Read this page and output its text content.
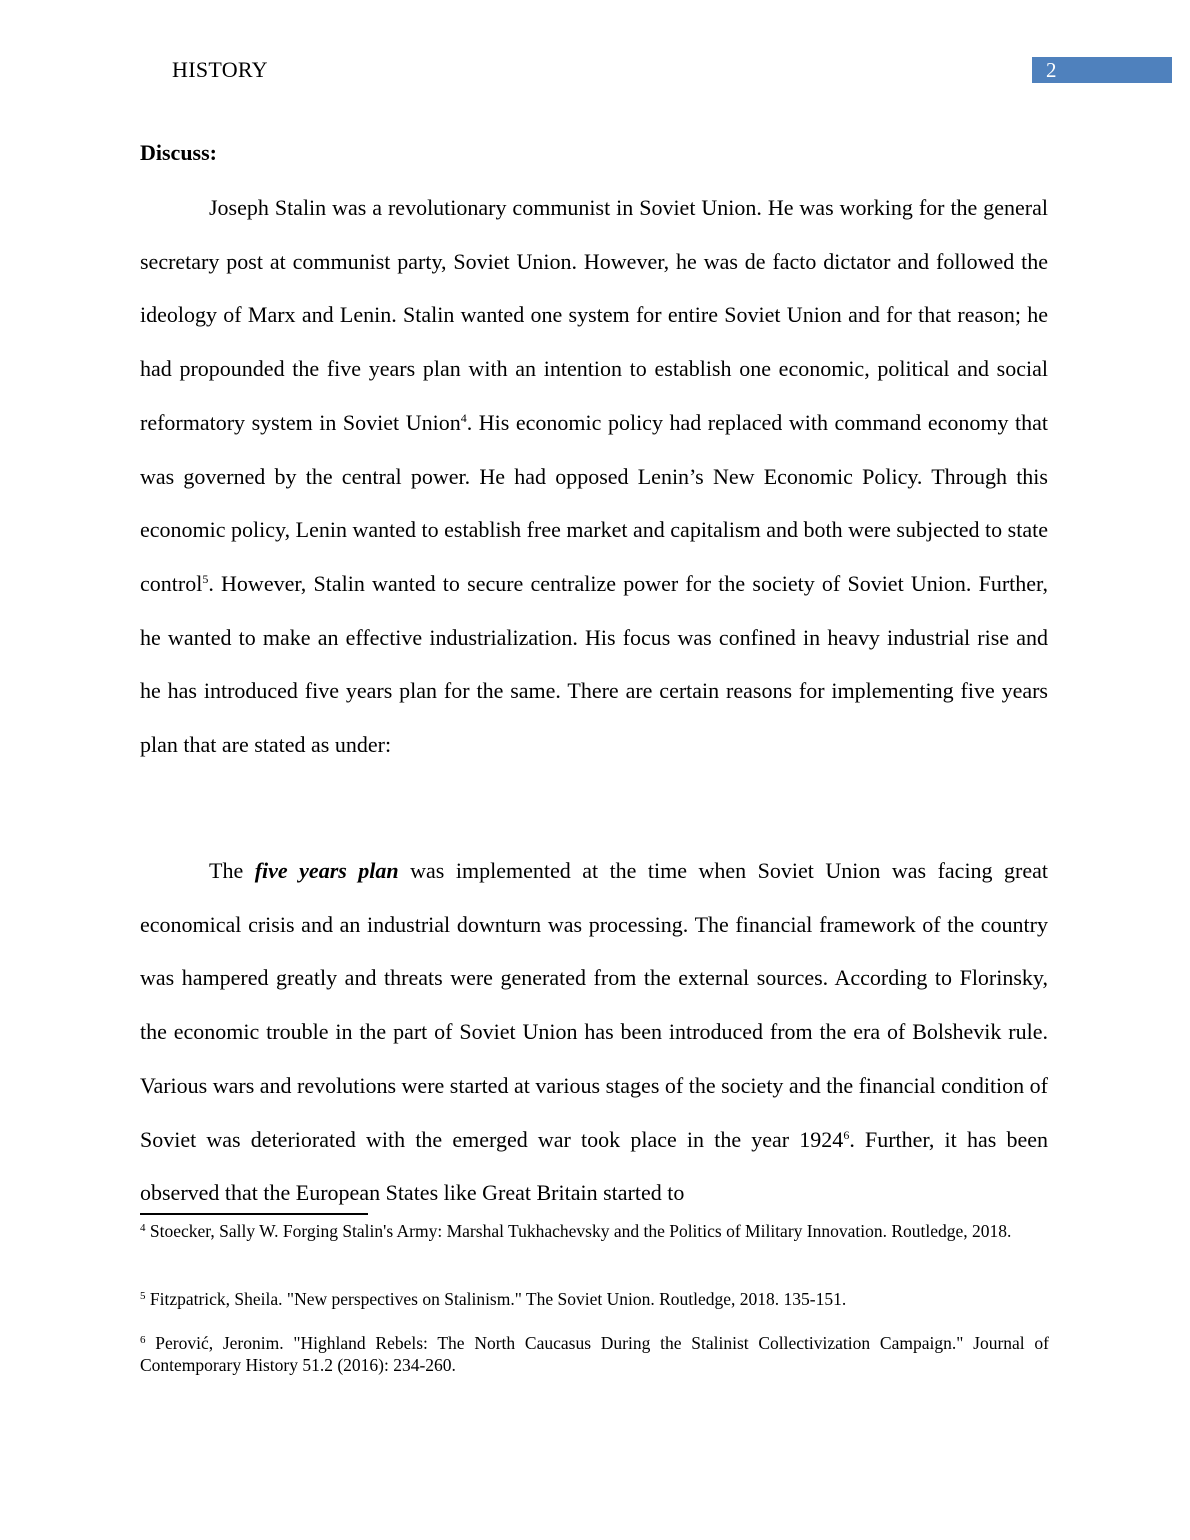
HISTORY	2
Discuss:

Joseph Stalin was a revolutionary communist in Soviet Union. He was working for the general secretary post at communist party, Soviet Union. However, he was de facto dictator and followed the ideology of Marx and Lenin. Stalin wanted one system for entire Soviet Union and for that reason; he had propounded the five years plan with an intention to establish one economic, political and social reformatory system in Soviet Union$^4$. His economic policy had replaced with command economy that was governed by the central power. He had opposed Lenin’s New Economic Policy. Through this economic policy, Lenin wanted to establish free market and capitalism and both were subjected to state control$^5$. However, Stalin wanted to secure centralize power for the society of Soviet Union. Further, he wanted to make an effective industrialization. His focus was confined in heavy industrial rise and he has introduced five years plan for the same. There are certain reasons for implementing five years plan that are stated as under:

The five years plan was implemented at the time when Soviet Union was facing great economical crisis and an industrial downturn was processing. The financial framework of the country was hampered greatly and threats were generated from the external sources. According to Florinsky, the economic trouble in the part of Soviet Union has been introduced from the era of Bolshevik rule. Various wars and revolutions were started at various stages of the society and the financial condition of Soviet was deteriorated with the emerged war took place in the year 1924$^6$. Further, it has been observed that the European States like Great Britain started to

$^4$ Stoecker, Sally W. Forging Stalin's Army: Marshal Tukhachevsky and the Politics of Military Innovation. Routledge, 2018.

$^5$ Fitzpatrick, Sheila. "New perspectives on Stalinism." The Soviet Union. Routledge, 2018. 135-151.

$^6$ Perović, Jeronim. "Highland Rebels: The North Caucasus During the Stalinist Collectivization Campaign." Journal of Contemporary History 51.2 (2016): 234-260.
